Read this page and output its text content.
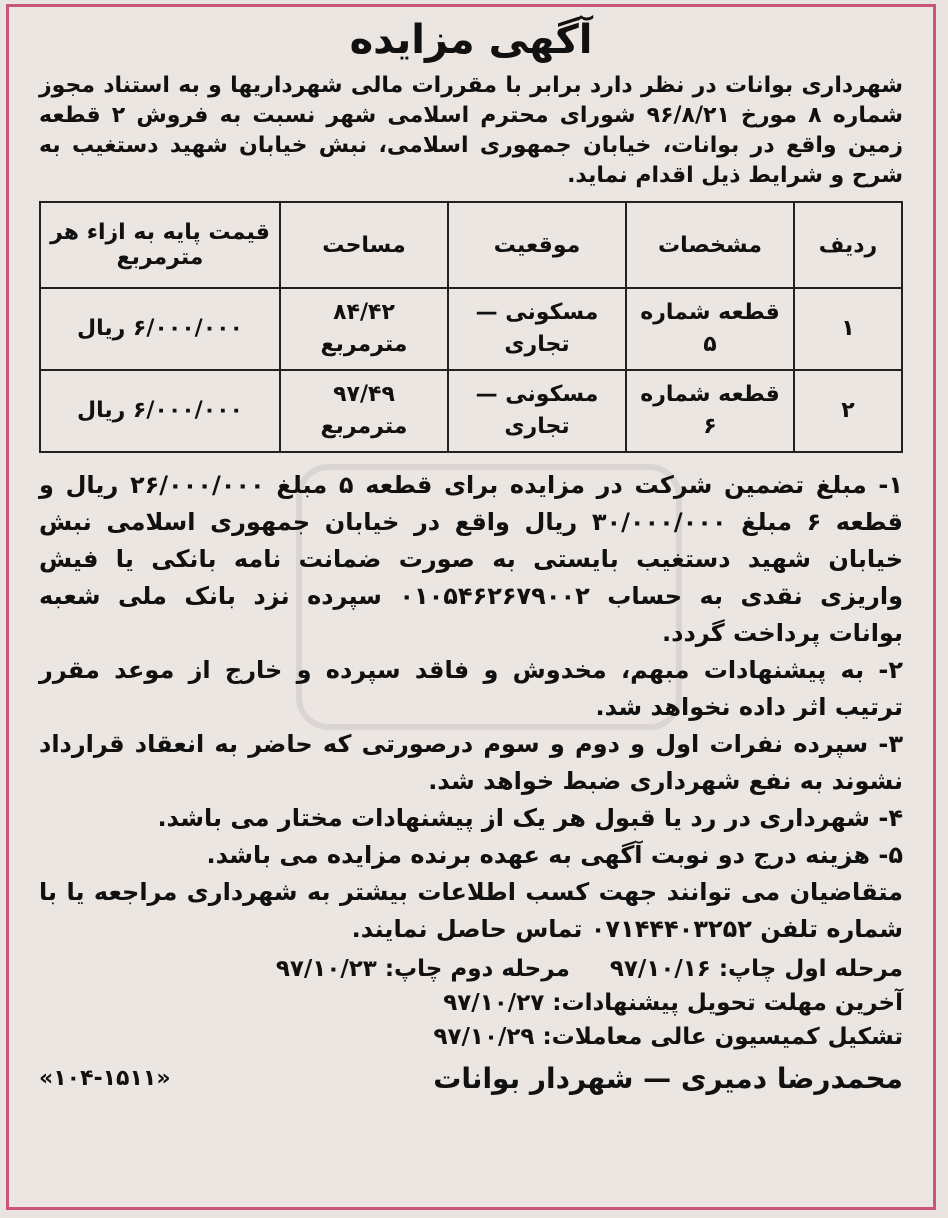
آگهی مزایده
شهرداری بوانات در نظر دارد برابر با مقررات مالی شهرداریها و به استناد مجوز شماره ۸ مورخ ۹۶/۸/۲۱ شورای محترم اسلامی شهر نسبت به فروش ۲ قطعه زمین واقع در بوانات، خیابان جمهوری اسلامی، نبش خیابان شهید دستغیب به شرح و شرایط ذیل اقدام نماید.
ردیف	مشخصات	موقعیت	مساحت	قیمت پایه به ازاء هر مترمربع
۱	قطعه شماره ۵	مسکونی — تجاری	۸۴/۴۲ مترمربع	۶/۰۰۰/۰۰۰ ریال
۲	قطعه شماره ۶	مسکونی — تجاری	۹۷/۴۹ مترمربع	۶/۰۰۰/۰۰۰ ریال

۱- مبلغ تضمین شرکت در مزایده برای قطعه ۵ مبلغ ۲۶/۰۰۰/۰۰۰ ریال و قطعه ۶ مبلغ ۳۰/۰۰۰/۰۰۰ ریال واقع در خیابان جمهوری اسلامی نبش خیابان شهید دستغیب بایستی به صورت ضمانت نامه بانکی یا فیش واریزی نقدی به حساب ۰۱۰۵۴۶۲۶۷۹۰۰۲ سپرده نزد بانک ملی شعبه بوانات پرداخت گردد.

۲- به پیشنهادات مبهم، مخدوش و فاقد سپرده و خارج از موعد مقرر ترتیب اثر داده نخواهد شد.

۳- سپرده نفرات اول و دوم و سوم درصورتی که حاضر به انعقاد قرارداد نشوند به نفع شهرداری ضبط خواهد شد.

۴- شهرداری در رد یا قبول هر یک از پیشنهادات مختار می باشد.

۵- هزینه درج دو نوبت آگهی به عهده برنده مزایده می باشد.

متقاضیان می توانند جهت کسب اطلاعات بیشتر به شهرداری مراجعه یا با شماره تلفن ۰۷۱۴۴۴۰۳۲۵۲ تماس حاصل نمایند.

مرحله اول چاپ: ۹۷/۱۰/۱۶
مرحله دوم چاپ: ۹۷/۱۰/۲۳
آخرین مهلت تحویل پیشنهادات: ۹۷/۱۰/۲۷
تشکیل کمیسیون عالی معاملات: ۹۷/۱۰/۲۹
محمدرضا دمیری — شهردار بوانات
«۱۰۴-۱۵۱۱»
